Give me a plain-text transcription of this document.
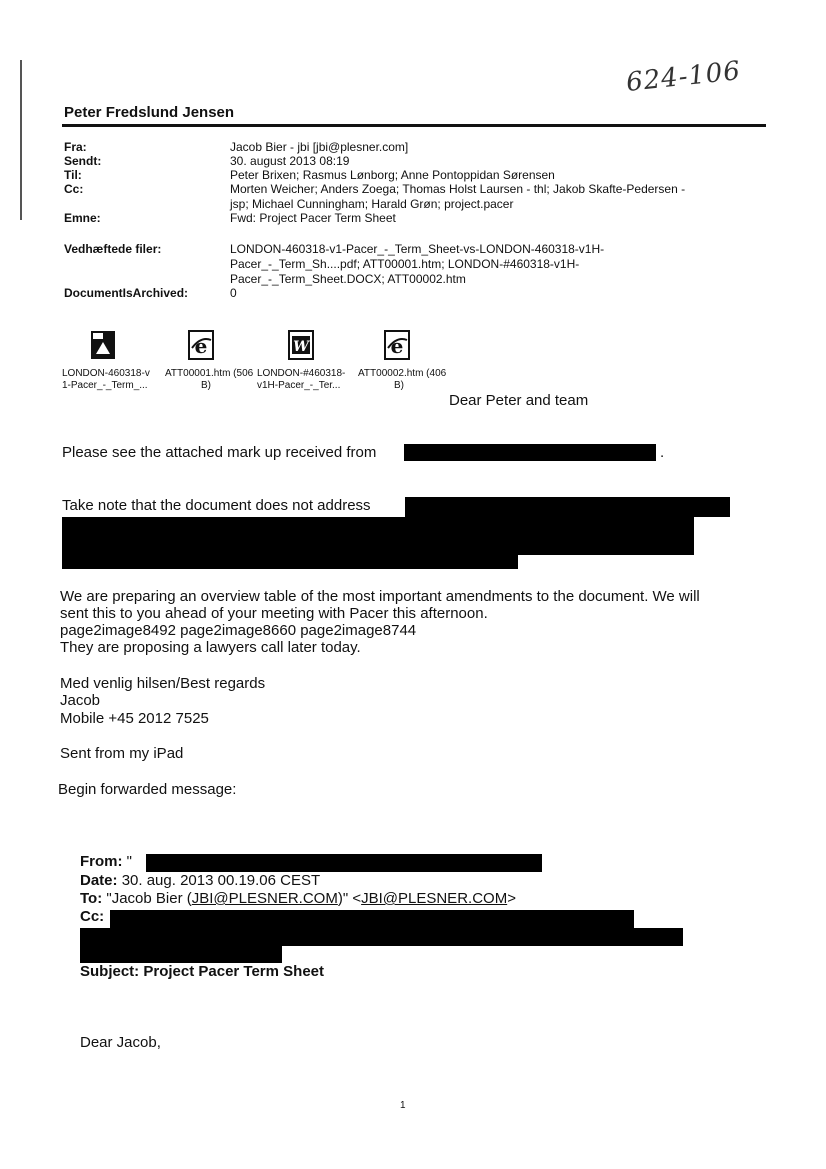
624-106
Peter Fredslund Jensen
Fra:	Jacob Bier - jbi [jbi@plesner.com]
Sendt:	30. august 2013 08:19
Til:	Peter Brixen; Rasmus Lønborg; Anne Pontoppidan Sørensen
Cc:	Morten Weicher; Anders Zoega; Thomas Holst Laursen - thl; Jakob Skafte-Pedersen -
jsp; Michael Cunningham; Harald Grøn; project.pacer
Emne:	Fwd: Project Pacer Term Sheet
Vedhæftede filer:	LONDON-460318-v1-Pacer_-_Term_Sheet-vs-LONDON-460318-v1H-
Pacer_-_Term_Sh....pdf; ATT00001.htm; LONDON-#460318-v1H-
Pacer_-_Term_Sheet.DOCX; ATT00002.htm
DocumentIsArchived:	0
e	W	e
LONDON-460318-v
1-Pacer_-_Term_...
ATT00001.htm (506
B)
LONDON-#460318-
v1H-Pacer_-_Ter...
ATT00002.htm (406
B)
Dear Peter and team
Please see the attached mark up received from	.
Take note that the document does not address
We are preparing an overview table of the most important amendments to the document. We will
sent this to you ahead of your meeting with Pacer this afternoon.
page2image8492 page2image8660 page2image8744
They are proposing a lawyers call later today.
Med venlig hilsen/Best regards
Jacob
Mobile +45 2012 7525
Sent from my iPad
Begin forwarded message:
From: "
Date: 30. aug. 2013 00.19.06 CEST
To: "Jacob Bier (JBI@PLESNER.COM)" <JBI@PLESNER.COM>
Cc:
Subject: Project Pacer Term Sheet
Dear Jacob,
1
